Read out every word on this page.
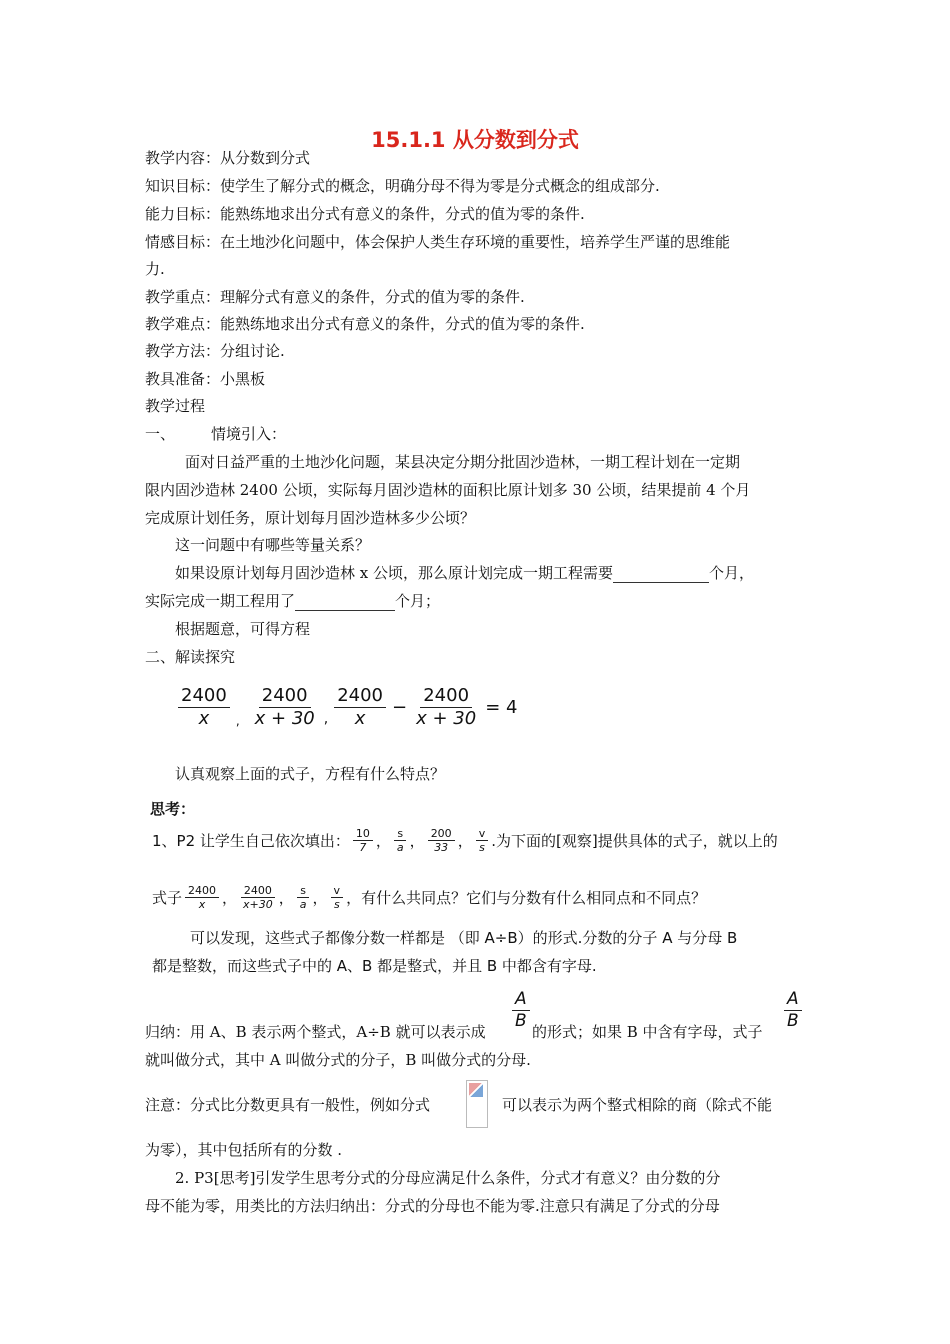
15.1.1 从分数到分式
教学内容：从分数到分式
知识目标：使学生了解分式的概念，明确分母不得为零是分式概念的组成部分.
能力目标：能熟练地求出分式有意义的条件，分式的值为零的条件.
情感目标：在土地沙化问题中，体会保护人类生存环境的重要性，培养学生严谨的思维能
力.
教学重点：理解分式有意义的条件，分式的值为零的条件.
教学难点：能熟练地求出分式有意义的条件，分式的值为零的条件.
教学方法：分组讨论.
教具准备：小黑板
教学过程
一、 情境引入：
面对日益严重的土地沙化问题，某县决定分期分批固沙造林，一期工程计划在一定期
限内固沙造林 2400 公顷，实际每月固沙造林的面积比原计划多 30 公顷，结果提前 4 个月
完成原计划任务，原计划每月固沙造林多少公顷？
这一问题中有哪些等量关系？
如果设原计划每月固沙造林 x 公顷，那么原计划完成一期工程需要	个月，
实际完成一期工程用了	个月；
根据题意，可得方程
二、解读探究
$\frac{2400}{x}$ , $\frac{2400}{x + 30}$ , $\frac{2400}{x} - \frac{2400}{x + 30} = 4$
认真观察上面的式子，方程有什么特点？
思考：
1、P2 让学生自己依次填出： $\frac{10}{7}$ ， $\frac{s}{a}$ ， $\frac{200}{33}$ ， $\frac{v}{s}$ .为下面的[观察]提供具体的式子，就以上的
式子 $\frac{2400}{x}$ ， $\frac{2400}{x+30}$ ， $\frac{s}{a}$ ， $\frac{v}{s}$ ，有什么共同点？它们与分数有什么相同点和不同点？
可以发现，这些式子都像分数一样都是 （即 A÷B）的形式.分数的分子 A 与分母 B
都是整数，而这些式子中的 A、B 都是整式，并且 B 中都含有字母.
$\frac{A}{B}$	$\frac{A}{B}$
归纳：用 A、B 表示两个整式，A÷B 就可以表示成	的形式；如果 B 中含有字母，式子
就叫做分式，其中 A 叫做分式的分子，B 叫做分式的分母.
注意：分式比分数更具有一般性，例如分式	可以表示为两个整式相除的商（除式不能
为零），其中包括所有的分数 .
2. P3[思考]引发学生思考分式的分母应满足什么条件，分式才有意义？由分数的分
母不能为零，用类比的方法归纳出：分式的分母也不能为零.注意只有满足了分式的分母
